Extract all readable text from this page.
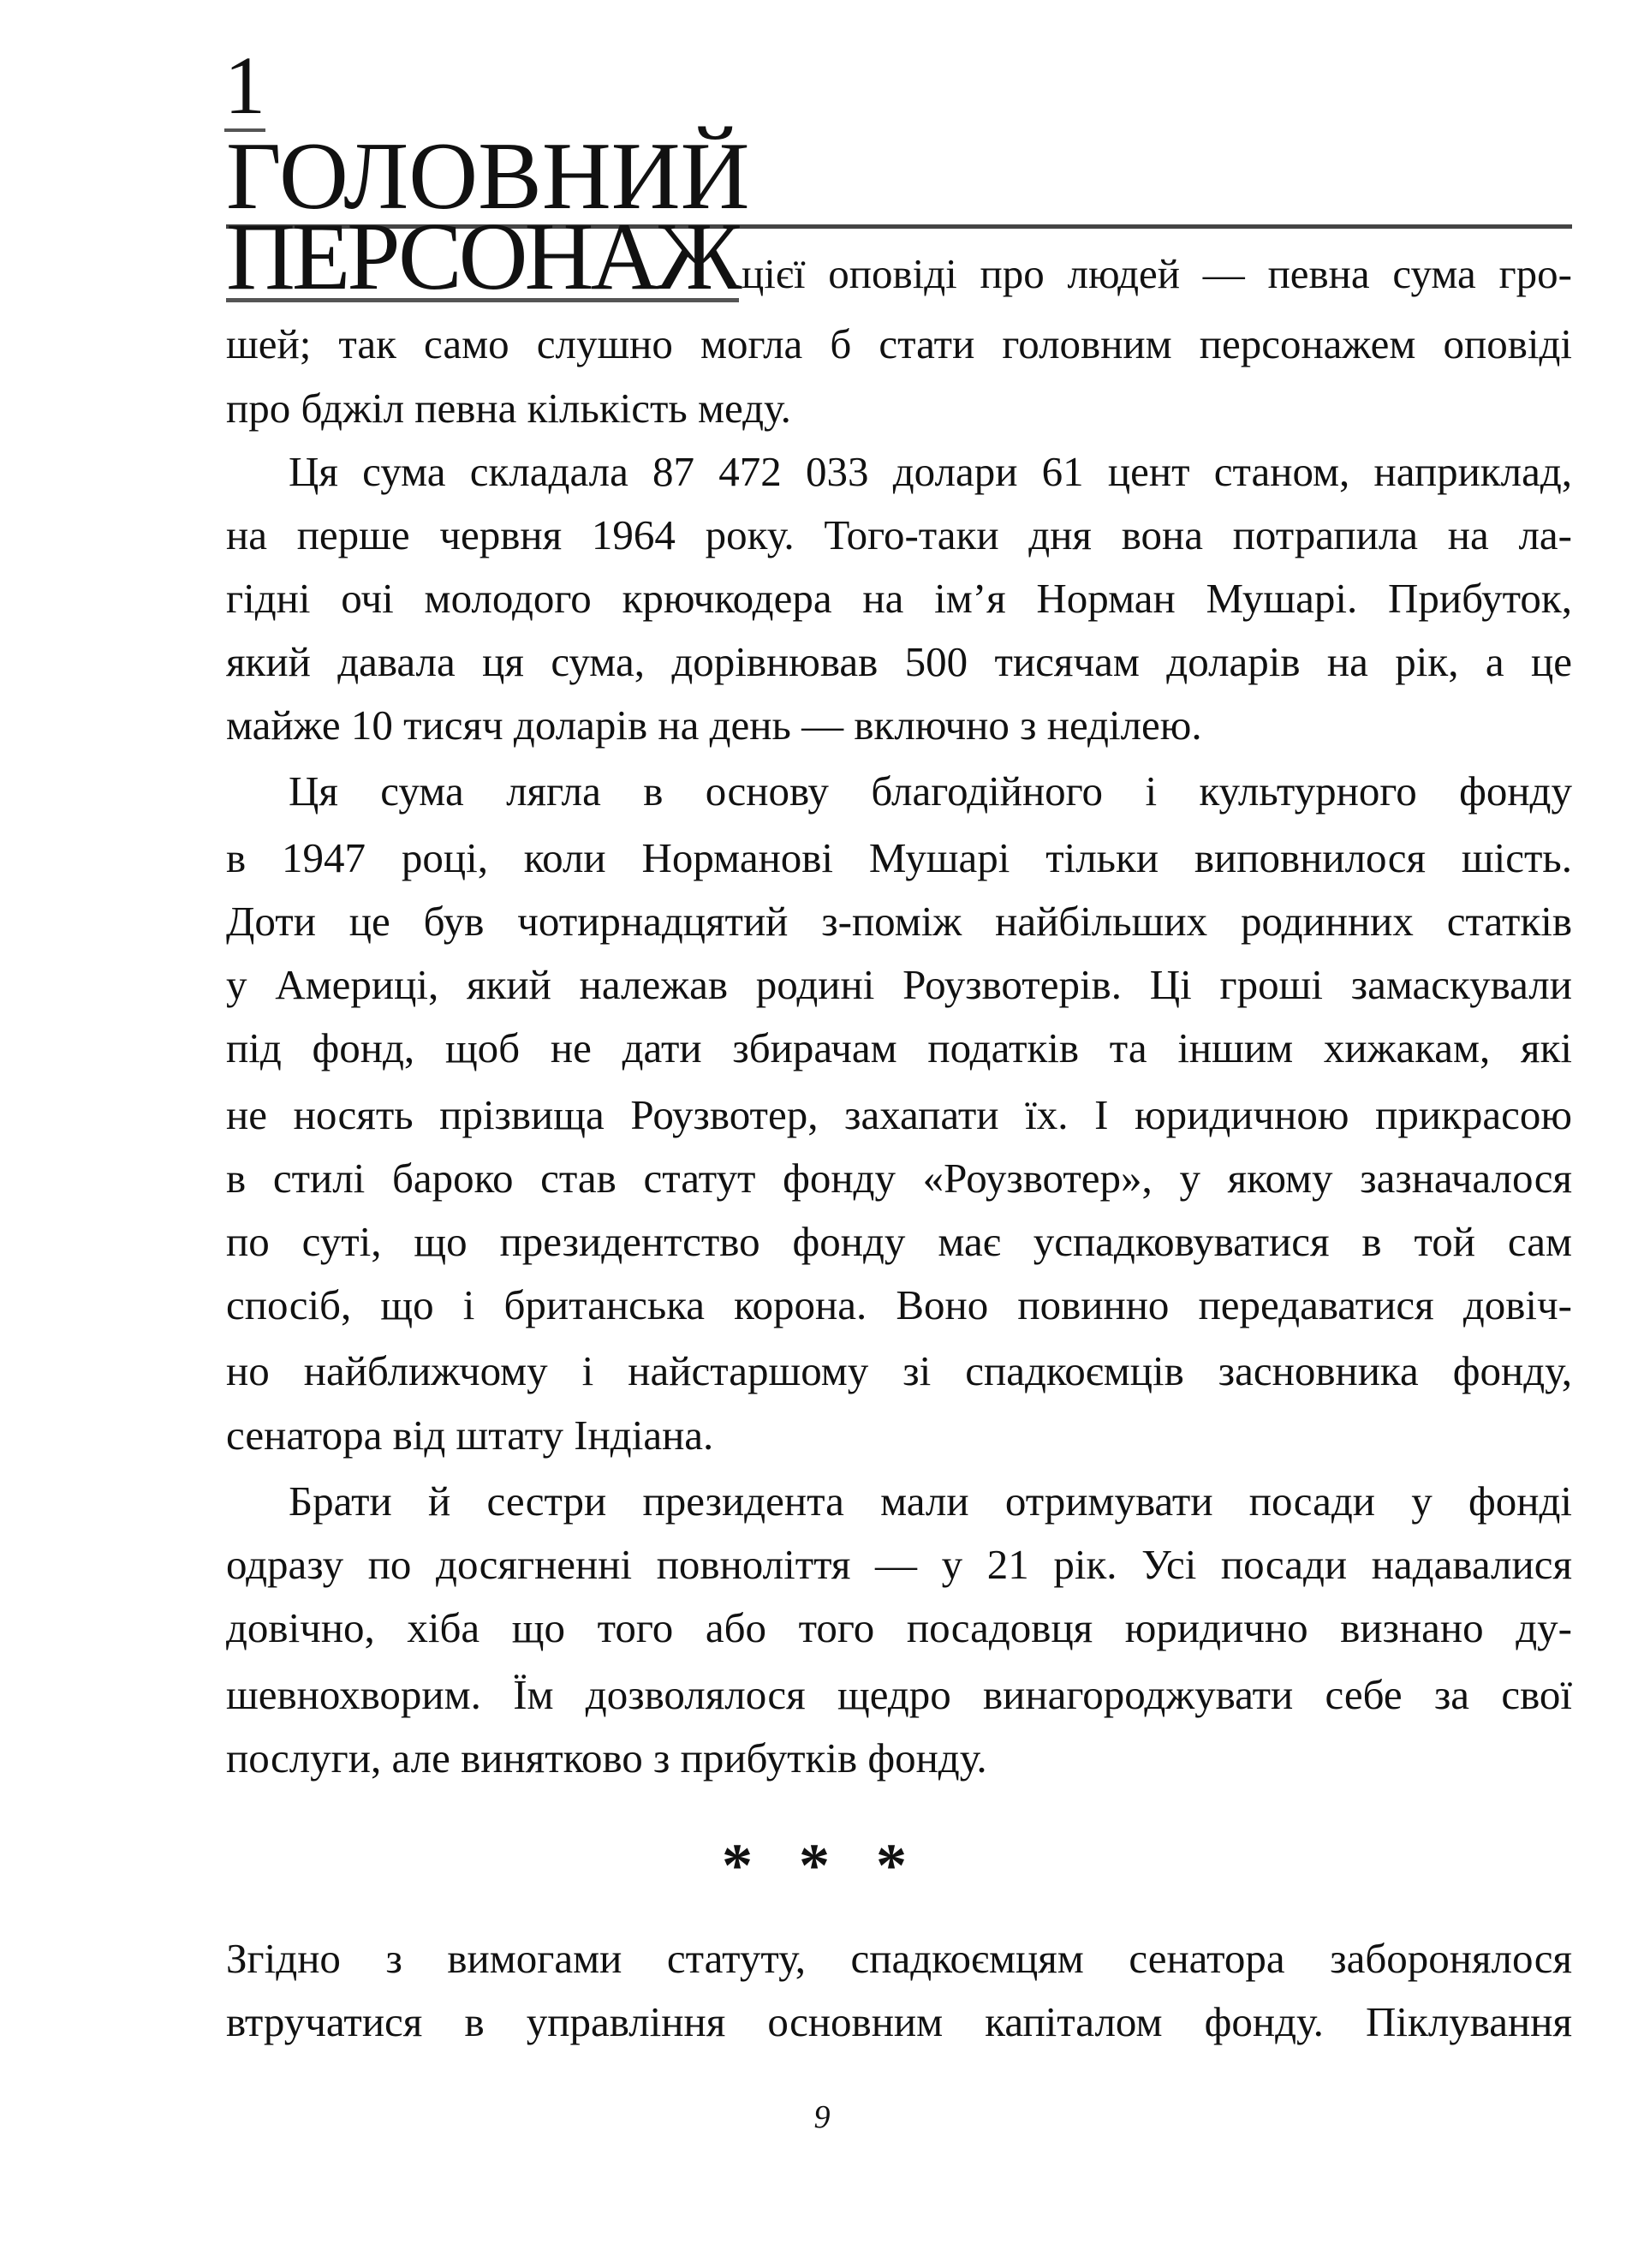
1
ГОЛОВНИЙ
ПЕРСОНАЖ цієї оповіді про людей — певна сума гро-
шей; так само слушно могла б стати головним персонажем оповіді
про бджіл певна кількість меду.
Ця сума складала 87 472 033 долари 61 цент станом, наприклад,
на перше червня 1964 року. Того-таки дня вона потрапила на ла-
гідні очі молодого крючкодера на ім’я Норман Мушарі. Прибуток,
який давала ця сума, дорівнював 500 тисячам доларів на рік, а це
майже 10 тисяч доларів на день — включно з неділею.
Ця сума лягла в основу благодійного і культурного фонду
в 1947 році, коли Нормановi Мушарі тільки виповнилося шість.
Доти це був чотирнадцятий з-поміж найбільших родинних статків
у Америці, який належав родині Роузвотерів. Ці гроші замаскували
під фонд, щоб не дати збирачам податків та іншим хижакам, які
не носять прізвища Роузвотер, захапати їх. І юридичною прикрасою
в стилі бароко став статут фонду «Роузвотер», у якому зазначалося
по суті, що президентство фонду має успадковуватися в той сам
спосіб, що і британська корона. Воно повинно передаватися довіч-
но найближчому і найстаршому зі спадкоємців засновника фонду,
сенатора від штату Індіана.
Брати й сестри президента мали отримувати посади у фонді
одразу по досягненні повноліття — у 21 рік. Усі посади надавалися
довічно, хіба що того або того посадовця юридично визнано ду-
шевнохворим. Їм дозволялося щедро винагороджувати себе за свої
послуги, але винятково з прибутків фонду.
* * *
Згідно з вимогами статуту, спадкоємцям сенатора заборонялося
втручатися в управління основним капіталом фонду. Піклування
9
